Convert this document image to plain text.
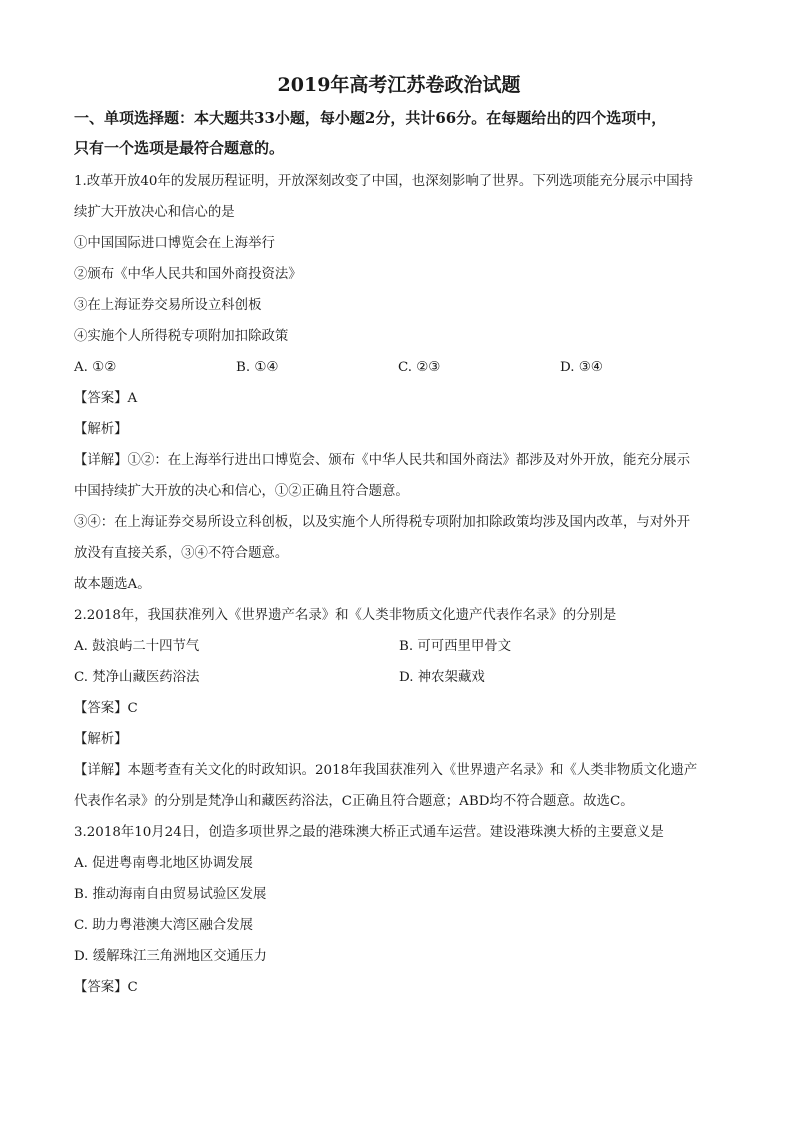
2019年高考江苏卷政治试题
一、单项选择题：本大题共33小题，每小题2分，共计66分。在每题给出的四个选项中，
只有一个选项是最符合题意的。
1.改革开放40年的发展历程证明，开放深刻改变了中国，也深刻影响了世界。下列选项能充分展示中国持
续扩大开放决心和信心的是
①中国国际进口博览会在上海举行
②颁布《中华人民共和国外商投资法》
③在上海证券交易所设立科创板
④实施个人所得税专项附加扣除政策
A. ①②	B. ①④	C. ②③	D. ③④
【答案】A
【解析】
【详解】①②：在上海举行进出口博览会、颁布《中华人民共和国外商法》都涉及对外开放，能充分展示
中国持续扩大开放的决心和信心，①②正确且符合题意。
③④：在上海证券交易所设立科创板，以及实施个人所得税专项附加扣除政策均涉及国内改革，与对外开
放没有直接关系，③④不符合题意。
故本题选A。
2.2018年，我国获准列入《世界遗产名录》和《人类非物质文化遗产代表作名录》的分别是
A. 鼓浪屿二十四节气	B. 可可西里甲骨文
C. 梵净山藏医药浴法	D. 神农架藏戏
【答案】C
【解析】
【详解】本题考查有关文化的时政知识。2018年我国获准列入《世界遗产名录》和《人类非物质文化遗产
代表作名录》的分别是梵净山和藏医药浴法，C正确且符合题意；ABD均不符合题意。故选C。
3.2018年10月24日，创造多项世界之最的港珠澳大桥正式通车运营。建设港珠澳大桥的主要意义是
A. 促进粤南粤北地区协调发展
B. 推动海南自由贸易试验区发展
C. 助力粤港澳大湾区融合发展
D. 缓解珠江三角洲地区交通压力
【答案】C
